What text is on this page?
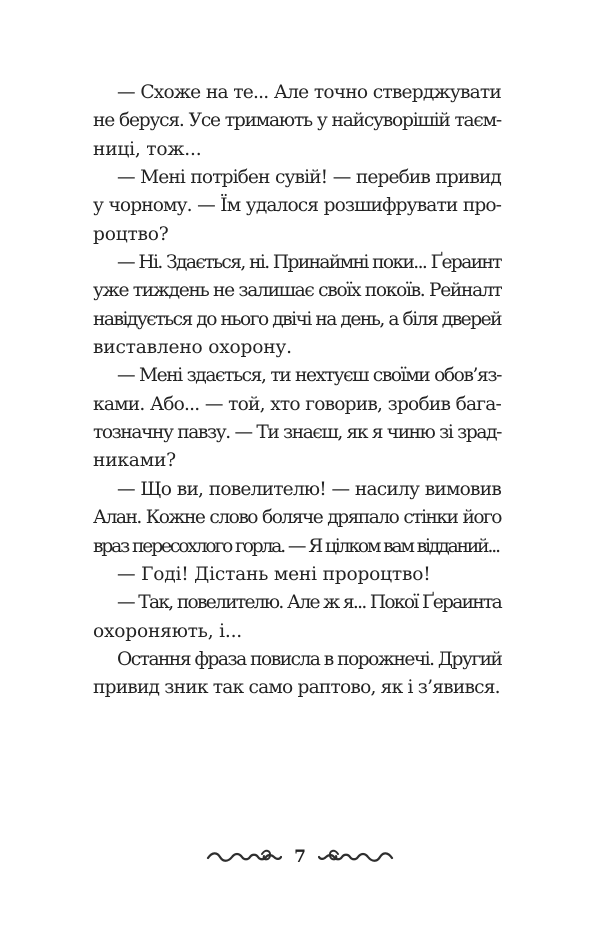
— Схоже на те... Але точно стверджувати
не беруся. Усе тримають у найсуворішій таєм-
ниці, тож...
— Мені потрібен сувій! — перебив привид
у чорному. — Їм удалося розшифрувати про-
роцтво?
— Ні. Здається, ні. Принаймні поки... Ґераинт
уже тиждень не залишає своїх покоїв. Рейналт
навідується до нього двічі на день, а біля дверей
виставлено охорону.
— Мені здається, ти нехтуєш своїми обов’яз-
ками. Або... — той, хто говорив, зробив бага-
тозначну павзу. — Ти знаєш, як я чиню зі зрад-
никами?
— Що ви, повелителю! — насилу вимовив
Алан. Кожне слово боляче дряпало стінки його
враз пересохлого горла. — Я цілком вам відданий...
— Годі! Дістань мені пророцтво!
— Так, повелителю. Але ж я... Покої Ґераинта
охороняють, і...
Остання фраза повисла в порожнечі. Другий
привид зник так само раптово, як і з’явився.
7
